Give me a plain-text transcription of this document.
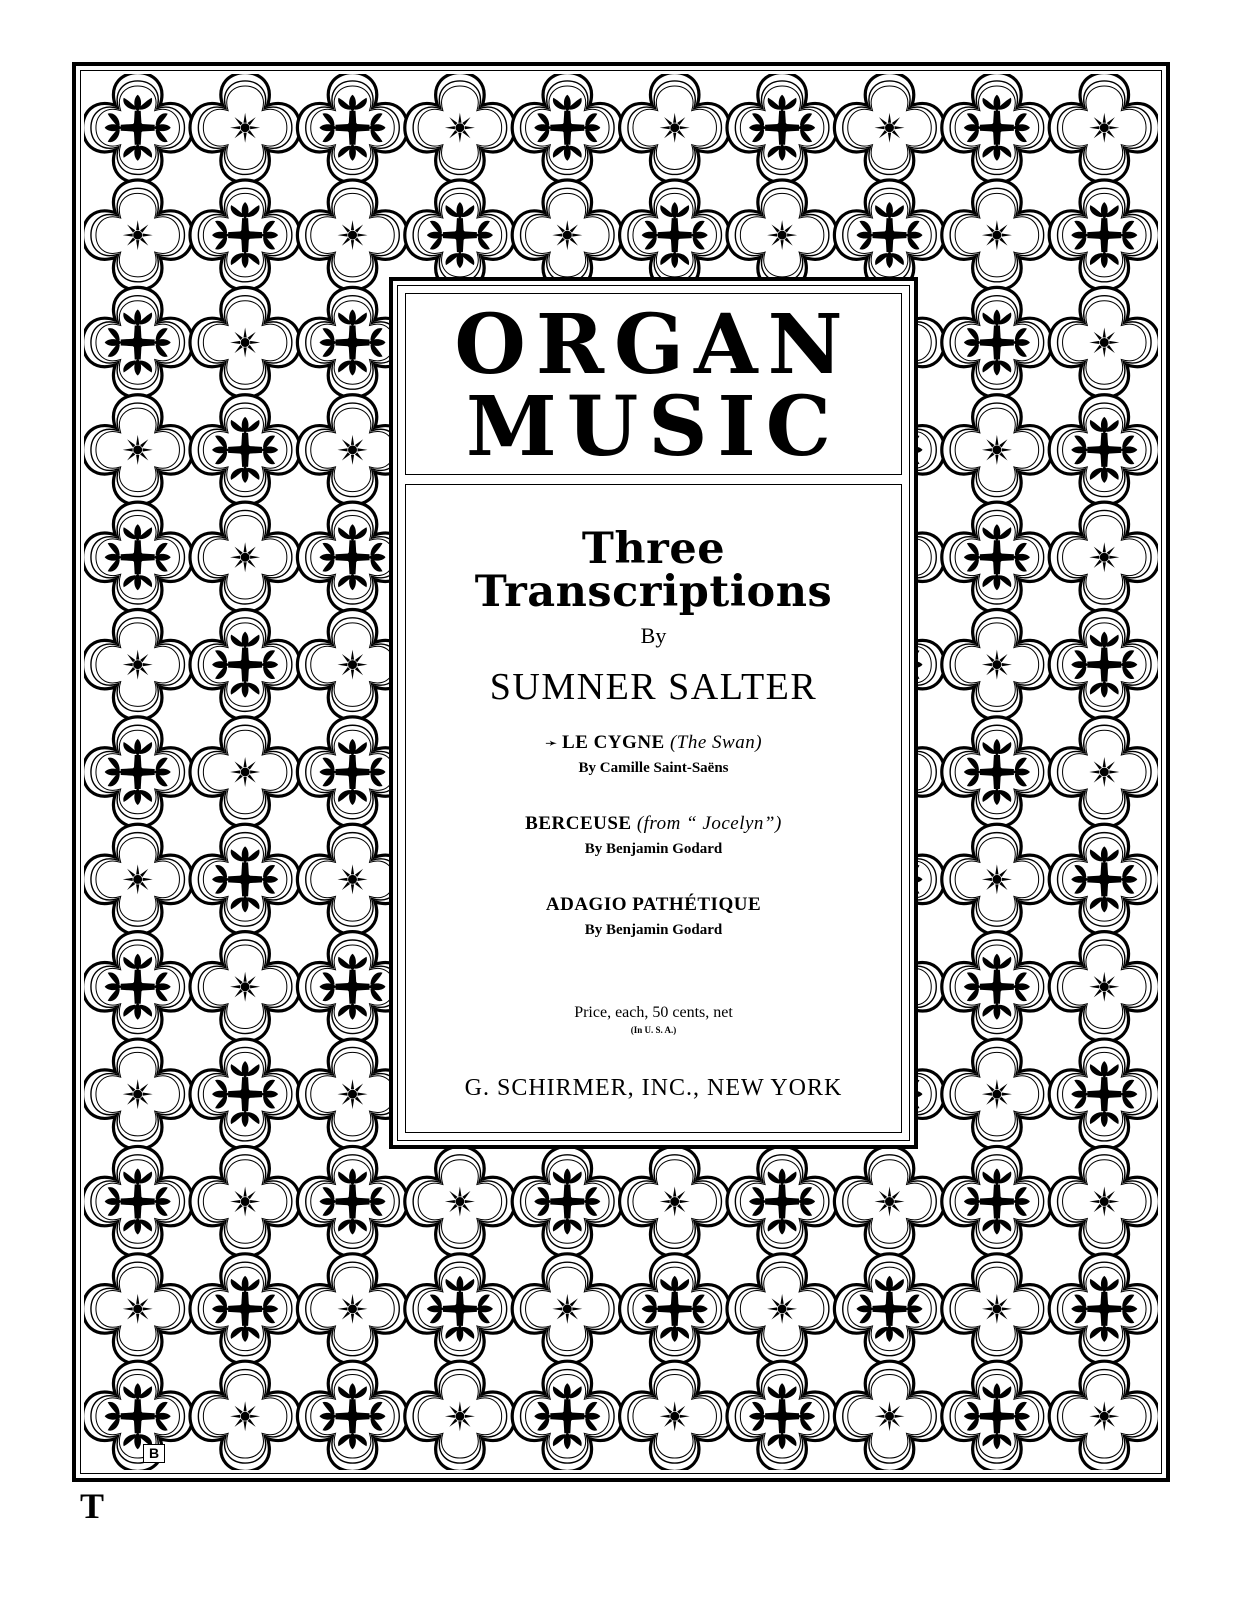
B
T
ORGAN
MUSIC
Three Transcriptions
By
SUMNER SALTER
➛ LE CYGNE (The Swan)
By Camille Saint-Saëns
BERCEUSE (from “ Jocelyn”)
By Benjamin Godard
ADAGIO PATHÉTIQUE
By Benjamin Godard
Price, each, 50 cents, net
(In U. S. A.)
G. SCHIRMER, INC., NEW YORK
